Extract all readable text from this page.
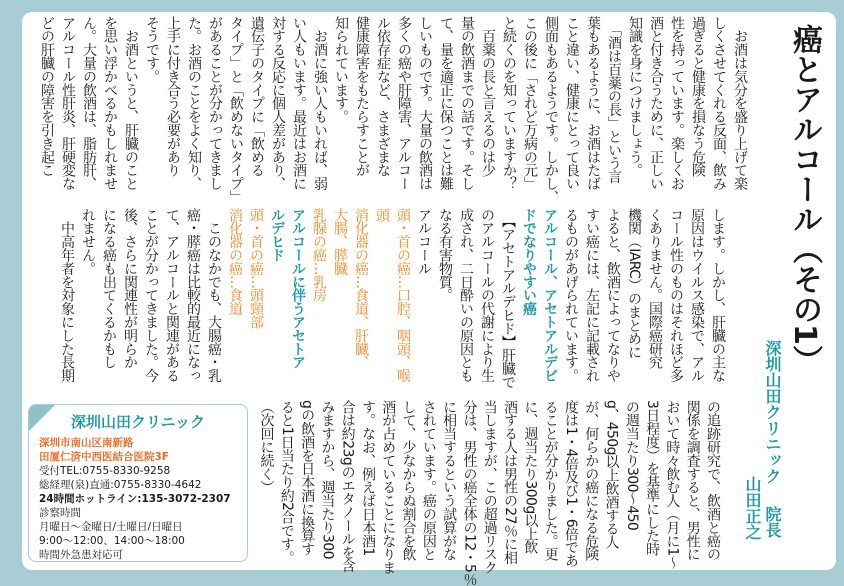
癌とアルコール（その1）
深圳山田クリニック院長
山田正之
　お酒は気分を盛り上げて楽
しくさせてくれる反面、飲み
過ぎると健康を損なう危険
性を持っています。楽しくお
酒と付き合うために、正しい
知識を身につけましょう。
　「酒は百薬の長」という言
葉もあるように、お酒はたば
こと違い、健康にとって良い
側面もあるようです。しかし、
この後に「されど万病の元」
と続くのを知っていますか？
　百薬の長と言えるのは少
量の飲酒までの話です。そし
て、量を適正に保つことは難
しいものです。大量の飲酒は
多くの癌や肝障害、アルコー
ル依存症など、さまざまな
健康障害をもたらすことが
知られています。
　お酒に強い人もいれば、弱
い人もいます。最近はお酒に
対する反応に個人差があり、
遺伝子のタイプに「飲める
タイプ」と「飲めないタイプ」
があることが分かってきまし
た。お酒のことをよく知り、
上手に付き合う必要があり
そうです。
　お酒というと、肝臓のこと
を思い浮かべるかもしれませ
ん。大量の飲酒は、脂肪肝、
アルコール性肝炎、肝硬変な
どの肝臓の障害を引き起こ
します。しかし、肝臓の主な
原因はウイルス感染で、アル
コール性のものはそれほど多
くありません。国際癌研究
機関（IARC）のまとめに
よると、飲酒によってなりや
すい癌には、左記に記載され
るものがあげられています。
アルコール、アセトアルデビ
ドでなりやすい癌
　【アセトアルデヒド】肝臓で
のアルコールの代謝により生
成され、二日酔いの原因とも
なる有害物質。
アルコール
頭・首の癌…口腔、咽頭、喉
頭
消化器の癌…食道、肝臓、
大腸、膵臓
乳腺の癌…乳房
アルコールに伴うアセトア
ルデヒド
頭・首の癌…頭頸部
消化器の癌…食道
　このなかでも、大腸癌・乳
癌・膵癌は比較的最近になっ
て、アルコールと関連がある
ことが分かってきました。今
後、さらに関連性が明らか
になる癌も出てくるかもし
れません。
　中高年者を対象にした長期
の追跡研究で、飲酒と癌の
関係を調査すると、男性に
おいて時々飲む人（月に1～
3日程度）を基準にした時
の週当たり300～450
g、450g以上飲酒する人
が、何らかの癌になる危険
度は1・4倍及び1・6倍であ
ることが分かりました。更
に、週当たり300g以上飲
酒する人は男性の27％に相
当しますが、この超過リスク
分は、男性の癌全体の12・5％
に相当するという試算がな
されています。癌の原因と
して、少なからぬ割合を飲
酒が占めていることになりま
す。なお、例えば日本酒1
合は約23gのエタノールを含
みますから、週当たり300
gの飲酒を日本酒に換算す
ると1日当たり約2合です。
（次回に続く）
深圳山田クリニック
深圳市南山区南新路
田厦仁済中西医結合医院3F
受付TEL:0755-8330-9258
総経理(泉)直通:0755-8330-4642
24時間ホットライン:135-3072-2307
診察時間
月曜日～金曜日/土曜日/日曜日
9:00～12:00、14:00～18:00
時間外急患対応可
